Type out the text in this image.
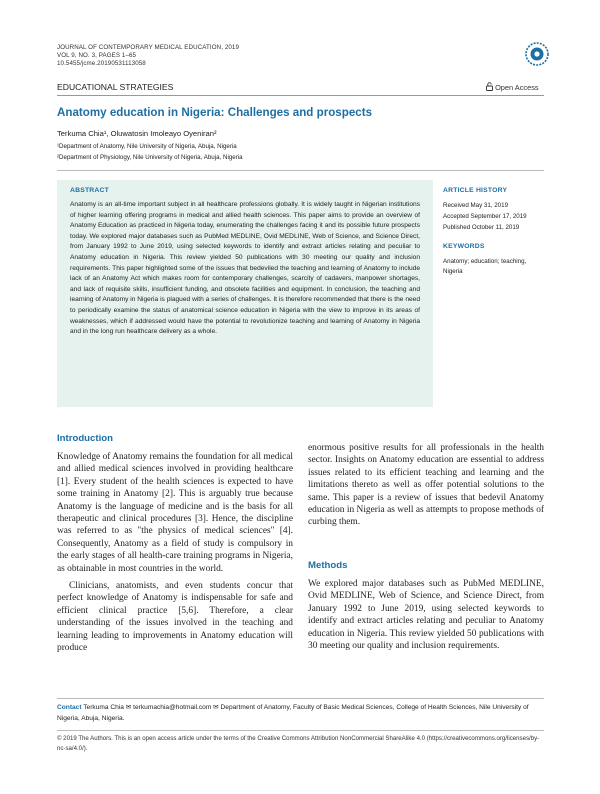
JOURNAL OF CONTEMPORARY MEDICAL EDUCATION, 2019
VOL 9, NO. 3, PAGES 1–65
10.5455/jcme.20190531113058
EDUCATIONAL STRATEGIES	Open Access
Anatomy education in Nigeria: Challenges and prospects
Terkuma Chia¹, Oluwatosin Imoleayo Oyeniran²
¹Department of Anatomy, Nile University of Nigeria, Abuja, Nigeria
²Department of Physiology, Nile University of Nigeria, Abuja, Nigeria
ABSTRACT
Anatomy is an all-time important subject in all healthcare professions globally. It is widely taught in Nigerian institutions of higher learning offering programs in medical and allied health sciences. This paper aims to provide an overview of Anatomy Education as practiced in Nigeria today, enumerating the challenges facing it and its possible future prospects today. We explored major databases such as PubMed MEDLINE, Ovid MEDLINE, Web of Science, and Science Direct, from January 1992 to June 2019, using selected keywords to identify and extract articles relating and peculiar to Anatomy education in Nigeria. This review yielded 50 publications with 30 meeting our quality and inclusion requirements. This paper highlighted some of the issues that bedeviled the teaching and learning of Anatomy to include lack of an Anatomy Act which makes room for contemporary challenges, scarcity of cadavers, manpower shortages, and lack of requisite skills, insufficient funding, and obsolete facilities and equipment. In conclusion, the teaching and learning of Anatomy in Nigeria is plagued with a series of challenges. It is therefore recommended that there is the need to periodically examine the status of anatomical science education in Nigeria with the view to improve in its areas of weaknesses, which if addressed would have the potential to revolutionize teaching and learning of Anatomy in Nigeria and in the long run healthcare delivery as a whole.
ARTICLE HISTORY
Received May 31, 2019
Accepted September 17, 2019
Published October 11, 2019
KEYWORDS
Anatomy; education; teaching, Nigeria
Introduction

Knowledge of Anatomy remains the foundation for all medical and allied medical sciences involved in providing healthcare [1]. Every student of the health sciences is expected to have some training in Anatomy [2]. This is arguably true because Anatomy is the language of medicine and is the basis for all therapeutic and clinical procedures [3]. Hence, the discipline was referred to as "the physics of medical sciences" [4]. Consequently, Anatomy as a field of study is compulsory in the early stages of all health-care training programs in Nigeria, as obtainable in most countries in the world.

Clinicians, anatomists, and even students concur that perfect knowledge of Anatomy is indispensable for safe and efficient clinical practice [5,6]. Therefore, a clear understanding of the issues involved in the teaching and learning leading to improvements in Anatomy education will produce

enormous positive results for all professionals in the health sector. Insights on Anatomy education are essential to address issues related to its efficient teaching and learning and the limitations thereto as well as offer potential solutions to the same. This paper is a review of issues that bedevil Anatomy education in Nigeria as well as attempts to propose methods of curbing them.

Methods

We explored major databases such as PubMed MEDLINE, Ovid MEDLINE, Web of Science, and Science Direct, from January 1992 to June 2019, using selected keywords to identify and extract articles relating and peculiar to Anatomy education in Nigeria. This review yielded 50 publications with 30 meeting our quality and inclusion requirements.

Contact Terkuma Chia ✉ terkumachia@hotmail.com ✉ Department of Anatomy, Faculty of Basic Medical Sciences, College of Health Sciences, Nile University of Nigeria, Abuja, Nigeria.
© 2019 The Authors. This is an open access article under the terms of the Creative Commons Attribution NonCommercial ShareAlike 4.0 (https://creativecommons.org/licenses/by-nc-sa/4.0/).
